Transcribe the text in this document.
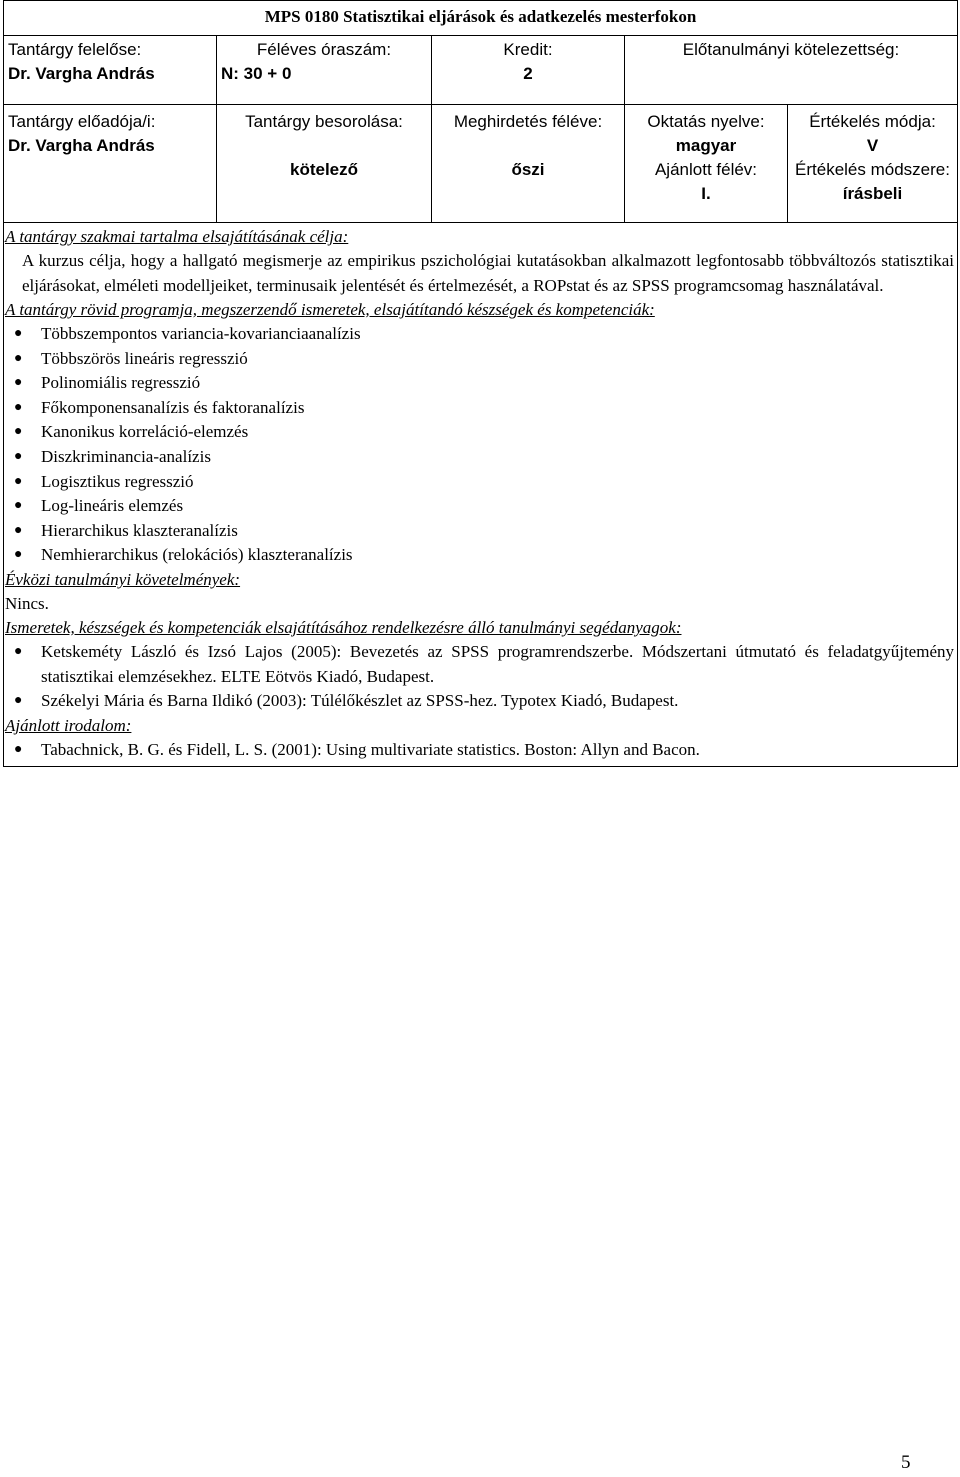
MPS 0180 Statisztikai eljárások és adatkezelés mesterfokon
Tantárgy felelőse:
Dr. Vargha András
Féléves óraszám:
N: 30 + 0
Kredit:
2
Előtanulmányi kötelezettség:
Tantárgy előadója/i:
Dr. Vargha András
Tantárgy besorolása:
kötelező
Meghirdetés féléve:
őszi
Oktatás nyelve:
magyar
Ajánlott félév:
I.
Értékelés módja:
V
Értékelés módszere:
írásbeli
A tantárgy szakmai tartalma elsajátításának célja:
A kurzus célja, hogy a hallgató megismerje az empirikus pszichológiai kutatásokban alkalmazott legfontosabb többváltozós statisztikai eljárásokat, elméleti modelljeiket, terminusaik jelentését és értelmezését, a ROPstat és az SPSS programcsomag használatával.
A tantárgy rövid programja, megszerzendő ismeretek, elsajátítandó készségek és kompetenciák:
● Többszempontos variancia-kovarianciaanalízis
● Többszörös lineáris regresszió
● Polinomiális regresszió
● Főkomponensanalízis és faktoranalízis
● Kanonikus korreláció-elemzés
● Diszkriminancia-analízis
● Logisztikus regresszió
● Log-lineáris elemzés
● Hierarchikus klaszteranalízis
● Nemhierarchikus (relokációs) klaszteranalízis
Évközi tanulmányi követelmények:
Nincs.
Ismeretek, készségek és kompetenciák elsajátításához rendelkezésre álló tanulmányi segédanyagok:
● Ketskeméty László és Izsó Lajos (2005): Bevezetés az SPSS programrendszerbe. Módszertani útmutató és feladatgyűjtemény statisztikai elemzésekhez. ELTE Eötvös Kiadó, Budapest.
● Székelyi Mária és Barna Ildikó (2003): Túlélőkészlet az SPSS-hez. Typotex Kiadó, Budapest.
Ajánlott irodalom:
● Tabachnick, B. G. és Fidell, L. S. (2001): Using multivariate statistics. Boston: Allyn and Bacon.
5
